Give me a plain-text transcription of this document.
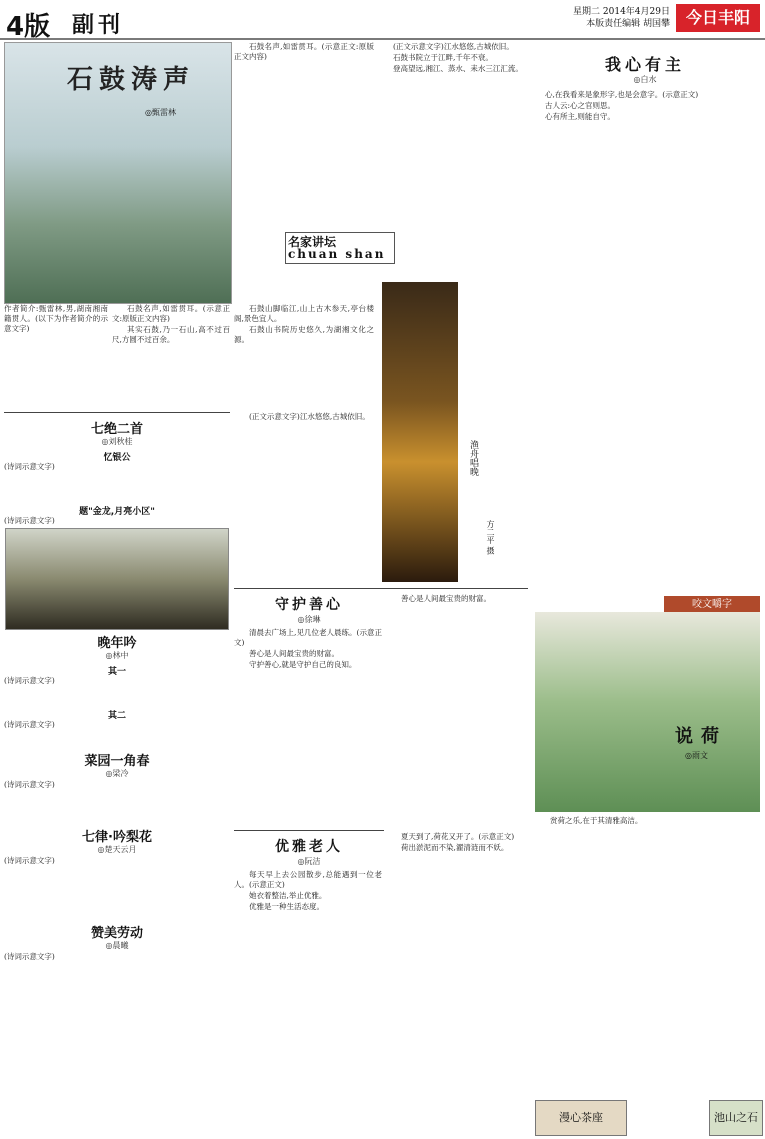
4版 副刊
星期二 2014年4月29日
本版责任编辑 胡国攀 今日丰阳
石鼓涛声
◎甄雷林
作者简介:甄雷林,男,湖南湘南籍贯人。(以下为作者简介的示意文字)

石鼓名声,如雷贯耳。(示意正文:原版正文内容)

其实石鼓,乃一石山,高不过百尺,方圆不过百余。

石鼓山脚临江,山上古木参天,亭台楼阁,景色宜人。

石鼓山书院历史悠久,为湖湘文化之源。

石鼓名声,如雷贯耳。(示意正文:原版正文内容)

七绝二首
◎刘秋桂
忆银公
(诗词示意文字)
题"金龙,月亮小区"
(诗词示意文字)
晚年吟
◎林中
其一
(诗词示意文字)
其二
(诗词示意文字)
菜园一角春
◎梁冷
(诗词示意文字)
七律·吟梨花
◎楚天云月
(诗词示意文字)
赞美劳动
◎晨曦
(诗词示意文字)

(正文示意文字)江水悠悠,古城依旧。

石鼓书院立于江畔,千年不衰。

登高望远,湘江、蒸水、耒水三江汇流。

名家讲坛
chuan shan

(正文示意文字)江水悠悠,古城依旧。

渔舟唱晚
方二平 摄
我心有主
◎白水

心,在我看来是象形字,也是会意字。(示意正文)

古人云:心之官则思。

心有所主,则能自守。

咬文嚼字
守护善心
◎徐琳

清晨去广场上,见几位老人晨练。(示意正文)

善心是人间最宝贵的财富。

守护善心,就是守护自己的良知。

善心是人间最宝贵的财富。

说荷
◎雨文

夏天到了,荷花又开了。(示意正文)

荷出淤泥而不染,濯清涟而不妖。

赏荷之乐,在于其清雅高洁。

优雅老人
◎阮洁

每天早上去公园散步,总能遇到一位老人。(示意正文)

她衣着整洁,举止优雅。

优雅是一种生活态度。

漫心茶座	池山之石
